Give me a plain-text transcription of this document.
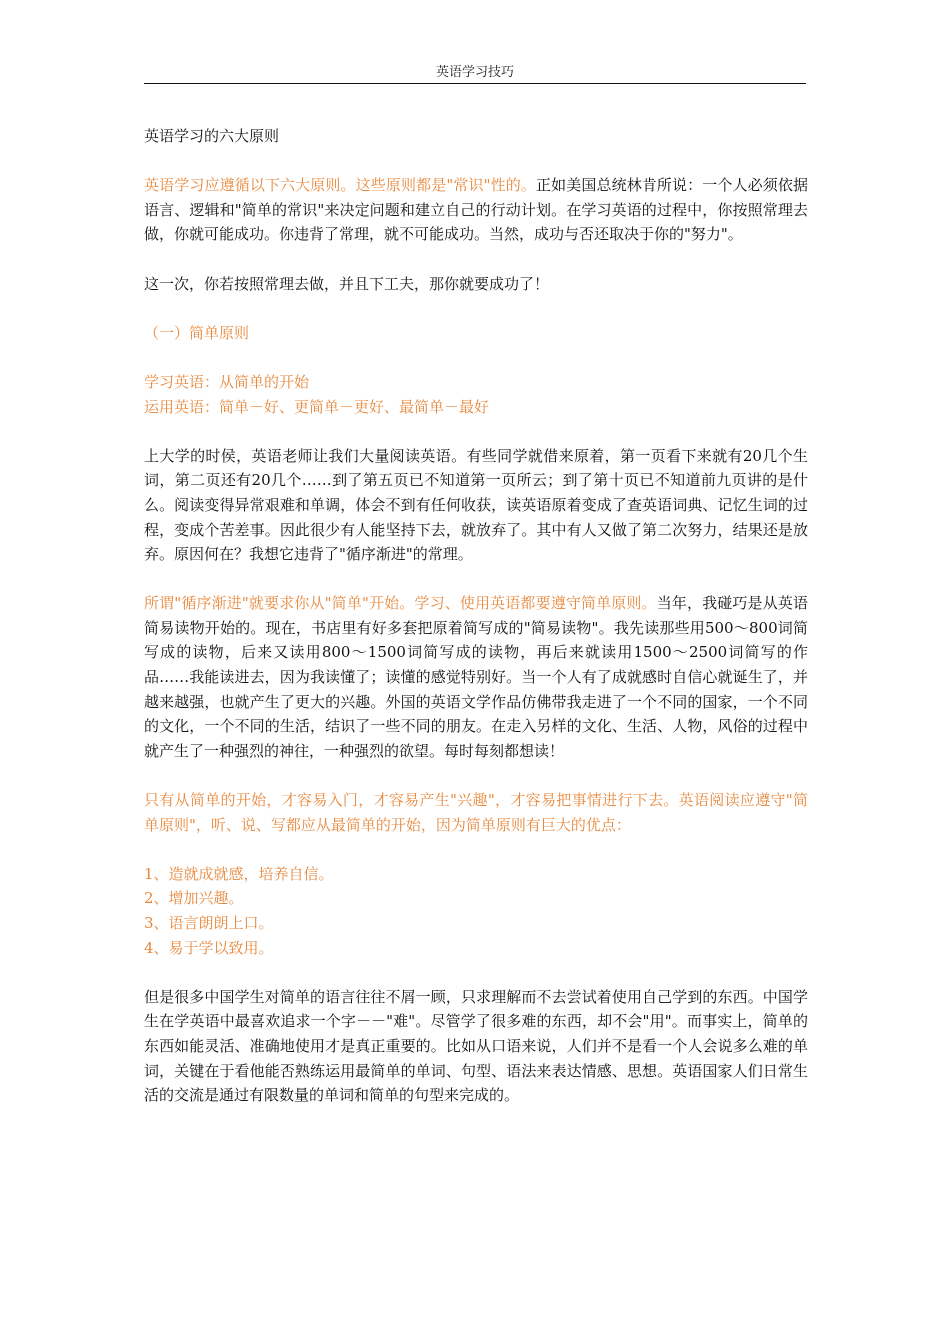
英语学习技巧

英语学习的六大原则

英语学习应遵循以下六大原则。这些原则都是"常识"性的。正如美国总统林肯所说：一个人必须依据语言、逻辑和"简单的常识"来决定问题和建立自己的行动计划。在学习英语的过程中，你按照常理去做，你就可能成功。你违背了常理，就不可能成功。当然，成功与否还取决于你的"努力"。

这一次，你若按照常理去做，并且下工夫，那你就要成功了！

（一）简单原则

学习英语：从简单的开始

运用英语：简单－好、更简单－更好、最简单－最好

上大学的时侯，英语老师让我们大量阅读英语。有些同学就借来原着，第一页看下来就有20几个生词，第二页还有20几个……到了第五页已不知道第一页所云；到了第十页已不知道前九页讲的是什么。阅读变得异常艰难和单调，体会不到有任何收获，读英语原着变成了查英语词典、记忆生词的过程，变成个苦差事。因此很少有人能坚持下去，就放弃了。其中有人又做了第二次努力，结果还是放弃。原因何在？我想它违背了"循序渐进"的常理。

所谓"循序渐进"就要求你从"简单"开始。学习、使用英语都要遵守简单原则。当年，我碰巧是从英语简易读物开始的。现在，书店里有好多套把原着简写成的"简易读物"。我先读那些用500～800词简写成的读物，后来又读用800～1500词简写成的读物，再后来就读用1500～2500词简写的作品……我能读进去，因为我读懂了；读懂的感觉特别好。当一个人有了成就感时自信心就诞生了，并越来越强，也就产生了更大的兴趣。外国的英语文学作品仿佛带我走进了一个不同的国家，一个不同的文化，一个不同的生活，结识了一些不同的朋友。在走入另样的文化、生活、人物，风俗的过程中就产生了一种强烈的神往，一种强烈的欲望。每时每刻都想读！

只有从简单的开始，才容易入门，才容易产生"兴趣"，才容易把事情进行下去。英语阅读应遵守"简单原则"，听、说、写都应从最简单的开始，因为简单原则有巨大的优点：

1、造就成就感，培养自信。

2、增加兴趣。

3、语言朗朗上口。

4、易于学以致用。

但是很多中国学生对简单的语言往往不屑一顾，只求理解而不去尝试着使用自己学到的东西。中国学生在学英语中最喜欢追求一个字－－"难"。尽管学了很多难的东西，却不会"用"。而事实上，简单的东西如能灵活、准确地使用才是真正重要的。比如从口语来说，人们并不是看一个人会说多么难的单词，关键在于看他能否熟练运用最简单的单词、句型、语法来表达情感、思想。英语国家人们日常生活的交流是通过有限数量的单词和简单的句型来完成的。
